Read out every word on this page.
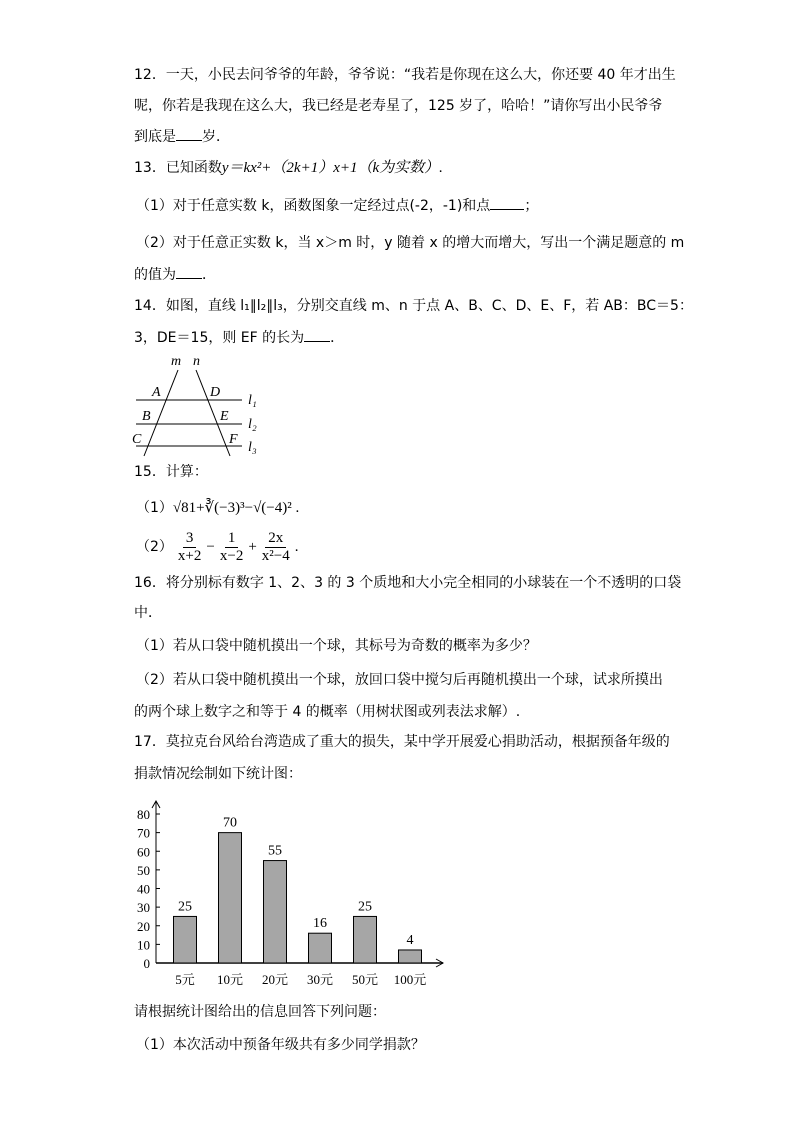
12．一天，小民去问爷爷的年龄，爷爷说：“我若是你现在这么大，你还要 40 年才出生
呢，你若是我现在这么大，我已经是老寿星了，125 岁了，哈哈！”请你写出小民爷爷
到底是 岁．
13．已知函数y＝kx²+（2k+1）x+1（k为实数）.
（1）对于任意实数 k，函数图象一定经过点(-2，-1)和点 ；
（2）对于任意正实数 k，当 x＞m 时，y 随着 x 的增大而增大，写出一个满足题意的 m
的值为 ．
14．如图，直线 l₁∥l₂∥l₃，分别交直线 m、n 于点 A、B、C、D、E、F，若 AB：BC＝5：
3，DE＝15，则 EF 的长为 ．
m n
A
B
C
D
E
F
l₁
l₂
l₃
15．计算：
（1）√81+∛(−3)³−√(−4)² .
$(2) \frac{3}{x+2} - \frac{1}{x-2} + \frac{2x}{\text{x²−4}}$ .
16．将分别标有数字 1、2、3 的 3 个质地和大小完全相同的小球装在一个不透明的口袋
中．
（1）若从口袋中随机摸出一个球，其标号为奇数的概率为多少？
（2）若从口袋中随机摸出一个球，放回口袋中搅匀后再随机摸出一个球，试求所摸出
的两个球上数字之和等于 4 的概率（用树状图或列表法求解）.
17．莫拉克台风给台湾造成了重大的损失，某中学开展爱心捐助活动，根据预备年级的
捐款情况绘制如下统计图：
0
10
20
30
40
50
60
70
80
25
5元
70
10元
55
20元
16
30元
25
50元
4
100元
请根据统计图给出的信息回答下列问题：
（1）本次活动中预备年级共有多少同学捐款？
